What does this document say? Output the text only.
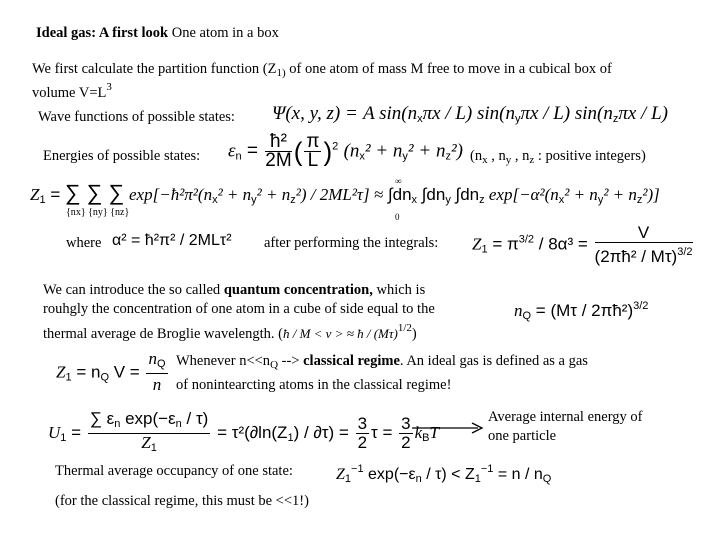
Ideal gas: A first look One atom in a box
We first calculate the partition function ($Z_{1)}$ of one atom of mass M free to move in a cubical box of
volume $V=L^3$
Wave functions of possible states: Ψ(x, y, z) = A $\sin(n_x\pi x / L)$ $\sin(n_y\pi x / L)$ $\sin(n_z\pi x / L)$
Energies of possible states: $\varepsilon_n = \frac{\text{ħ²}}{2M}$ ( $\frac{\pi}{L} )^2$ $(n_x^2 + n_y^2 + n_z^2)$ ($n_x$ , $n_y$ , $n_z$ : positive integers)
$Z_1$ = ∑ ∑ ∑ $\exp[-ħ^2\pi^2(n_x^2 + n_y^2 + n_z^2) / 2ML^2\tau] \approx \int dn_x$ $\int dn_y$ $\int dn_z$ $\exp[-\alpha^2(n_x^2 + n_y^2 + n_z^2)]$
{nx} {ny} {nz}
∞
0
where α² = ħ²π² / 2MLτ² after performing the integrals: $Z_1 = \pi^{3/2} / 8\alpha^3 = \frac{V}{(2\pi ħ^2 / M\tau)^{3/2}}$
We can introduce the so called quantum concentration, which is
rouhgly the concentration of one atom in a cube of side equal to the
thermal average de Broglie wavelength. (ħ / M < v > ≈ ħ / $(M\tau)^{1/2}$)
$n_Q = (M\tau$ / 2πħ²)$^{3/2}$
$Z_1 = n_Q$ $V = \frac{n_Q}{n}$ Whenever $n<<n_Q$ --> classical regime. An ideal gas is defined as a gas
of nonintearcting atoms in the classical regime!
$U_1 = \frac{\sum \varepsilon_n \exp(-\varepsilon_n / \tau)}{Z_1} = \tau^2(\partial\ln(Z_1) / \partial\tau) = \frac{3}{2}$ $\tau = \frac{3}{2} k_BT$
Average internal energy of
one particle
Thermal average occupancy of one state:	$Z_1^{-1}$ $\exp(-\varepsilon_n / \tau) < Z_1^{-1} = n / n_Q$
(for the classical regime, this must be <<1!)
